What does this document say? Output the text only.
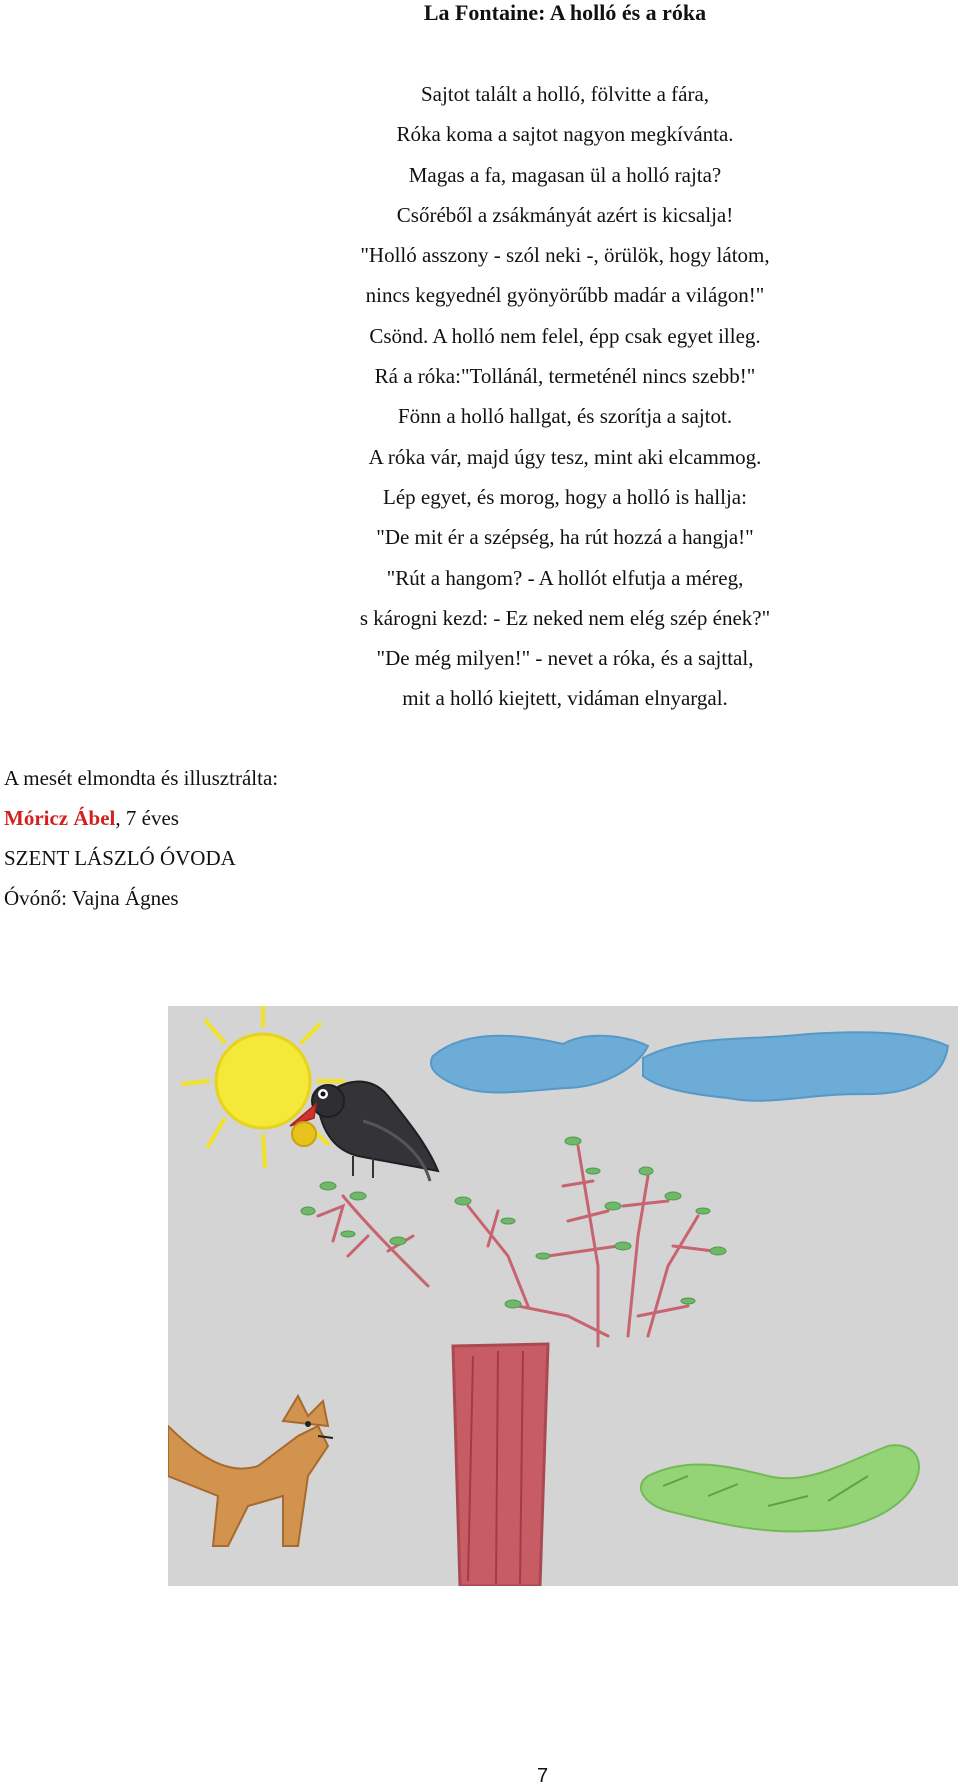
La Fontaine: A holló és a róka
Sajtot talált a holló, fölvitte a fára,
Róka koma a sajtot nagyon megkívánta.
Magas a fa, magasan ül a holló rajta?
Csőréből a zsákmányát azért is kicsalja!
"Holló asszony - szól neki -, örülök, hogy látom,
nincs kegyednél gyönyörűbb madár a világon!"
Csönd. A holló nem felel, épp csak egyet illeg.
Rá a róka:"Tollánál, termeténél nincs szebb!"
Fönn a holló hallgat, és szorítja a sajtot.
A róka vár, majd úgy tesz, mint aki elcammog.
Lép egyet, és morog, hogy a holló is hallja:
"De mit ér a szépség, ha rút hozzá a hangja!"
"Rút a hangom? - A hollót elfutja a méreg,
s károgni kezd: - Ez neked nem elég szép ének?"
"De még milyen!" - nevet a róka, és a sajttal,
mit a holló kiejtett, vidáman elnyargal.
A mesét elmondta és illusztrálta:
Móricz Ábel, 7 éves
SZENT LÁSZLÓ ÓVODA
Óvónő: Vajna Ágnes
7
